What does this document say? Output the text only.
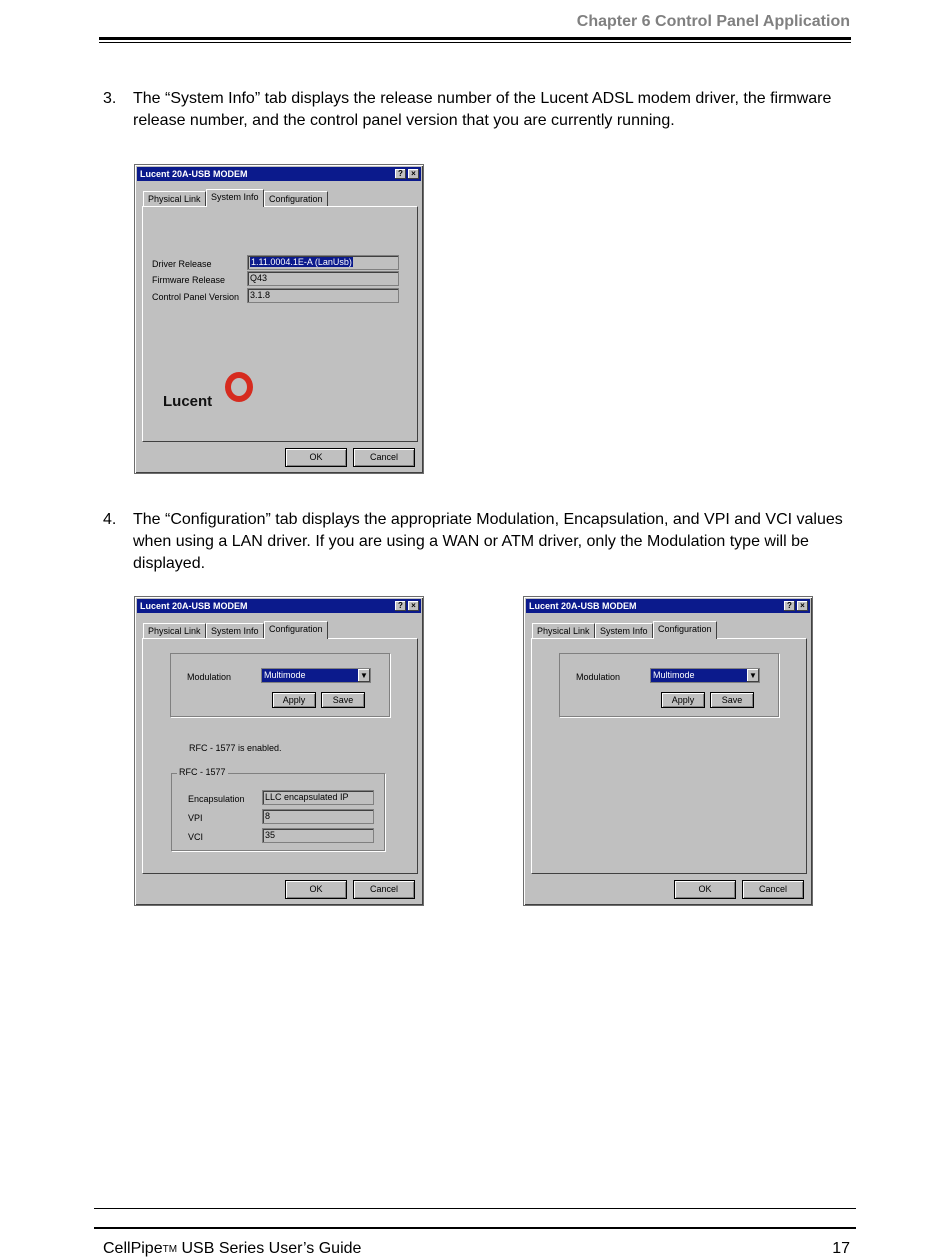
Chapter 6 Control Panel Application
3. The “System Info” tab displays the release number of the Lucent ADSL modem driver, the firmware release number, and the control panel version that you are currently running.
Lucent 20A-USB MODEM	?	×
Physical Link	System Info	Configuration
Driver Release	1.11.0004.1E-A (LanUsb)
Firmware Release	Q43
Control Panel Version	3.1.8
Lucent
OK	Cancel
4. The “Configuration” tab displays the appropriate Modulation, Encapsulation, and VPI and VCI values when using a LAN driver. If you are using a WAN or ATM driver, only the Modulation type will be displayed.
Lucent 20A-USB MODEM	?	×
Physical Link	System Info	Configuration
Modulation	Multimode	▼
Apply	Save
RFC - 1577 is enabled.
RFC - 1577
Encapsulation	LLC encapsulated IP
VPI	8
VCI	35
OK	Cancel
Lucent 20A-USB MODEM	?	×
Physical Link	System Info	Configuration
Modulation	Multimode	▼
Apply	Save
OK	Cancel
CellPipe™ USB Series User’s Guide	17
